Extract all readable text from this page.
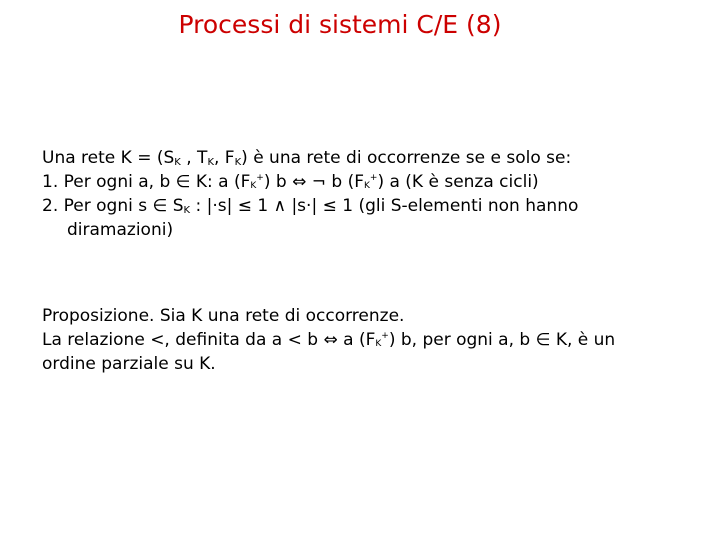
Processi di sistemi C/E (8)
Una rete $K = (S_K$ , $T_K$, $F_K$) è una rete di occorrenze se e solo se:
1. Per ogni a, b ∈ K: a $(F_K^+)$ b ⇔ ¬ b $(F_K^+)$ a (K è senza cicli)
2. Per ogni s ∈ $S_K$ : |·s| ≤ 1 ∧ |s·| ≤ 1 (gli S-elementi non hanno
diramazioni)
Proposizione. Sia K una rete di occorrenze.
La relazione <, definita da a < b ⇔ a $(F_K^+)$ b, per ogni a, b ∈ K, è un
ordine parziale su K.
